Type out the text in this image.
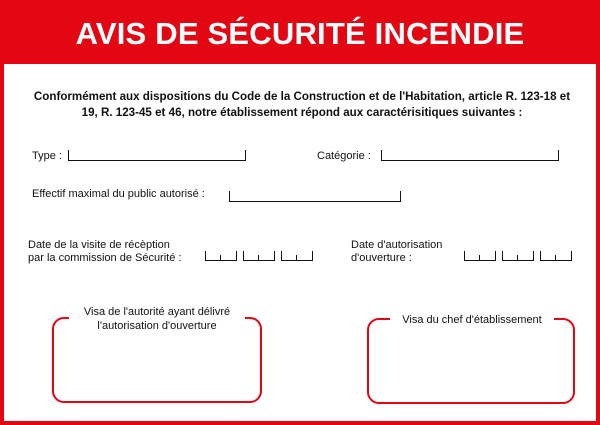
AVIS DE SÉCURITÉ INCENDIE
Conformément aux dispositions du Code de la Construction et de l'Habitation, article R. 123-18 et 19, R. 123-45 et 46, notre établissement répond aux caractérisitiques suivantes :
Type :	Catégorie :
Effectif maximal du public autorisé :
Date de la visite de récèption
par la commission de Sécurité :
Date d'autorisation
d'ouverture :
Visa de l'autorité ayant délivré
l'autorisation d'ouverture	Visa du chef d'établissement
